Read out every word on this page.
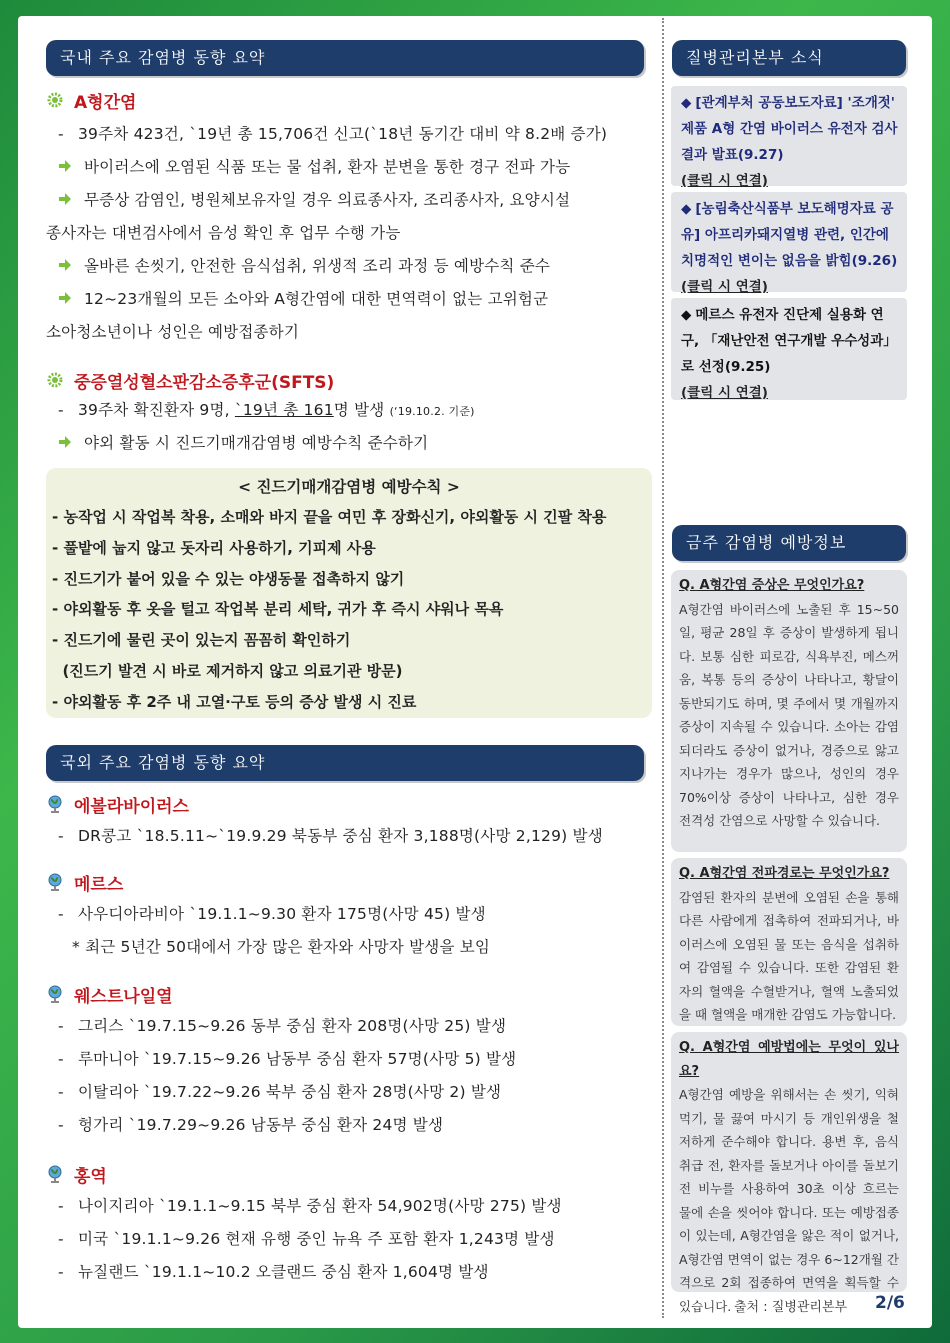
국내 주요 감염병 동향 요약
A형간염
- 39주차 423건, `19년 총 15,706건 신고(`18년 동기간 대비 약 8.2배 증가)
바이러스에 오염된 식품 또는 물 섭취, 환자 분변을 통한 경구 전파 가능
무증상 감염인, 병원체보유자일 경우 의료종사자, 조리종사자, 요양시설
종사자는 대변검사에서 음성 확인 후 업무 수행 가능
올바른 손씻기, 안전한 음식섭취, 위생적 조리 과정 등 예방수칙 준수
12~23개월의 모든 소아와 A형간염에 대한 면역력이 없는 고위험군
소아청소년이나 성인은 예방접종하기
중증열성혈소판감소증후군(SFTS)
- 39주차 확진환자 9명, `19년 총 161명 발생 (‘19.10.2. 기준)
야외 활동 시 진드기매개감염병 예방수칙 준수하기
< 진드기매개감염병 예방수칙 >
- 농작업 시 작업복 착용, 소매와 바지 끝을 여민 후 장화신기, 야외활동 시 긴팔 착용
- 풀밭에 눕지 않고 돗자리 사용하기, 기피제 사용
- 진드기가 붙어 있을 수 있는 야생동물 접촉하지 않기
- 야외활동 후 옷을 털고 작업복 분리 세탁, 귀가 후 즉시 샤워나 목욕
- 진드기에 물린 곳이 있는지 꼼꼼히 확인하기
(진드기 발견 시 바로 제거하지 않고 의료기관 방문)
- 야외활동 후 2주 내 고열·구토 등의 증상 발생 시 진료
국외 주요 감염병 동향 요약
에볼라바이러스
- DR콩고 `18.5.11~`19.9.29 북동부 중심 환자 3,188명(사망 2,129) 발생
메르스
- 사우디아라비아 `19.1.1~9.30 환자 175명(사망 45) 발생
* 최근 5년간 50대에서 가장 많은 환자와 사망자 발생을 보임
웨스트나일열
- 그리스 `19.7.15~9.26 동부 중심 환자 208명(사망 25) 발생
- 루마니아 `19.7.15~9.26 남동부 중심 환자 57명(사망 5) 발생
- 이탈리아 `19.7.22~9.26 북부 중심 환자 28명(사망 2) 발생
- 헝가리 `19.7.29~9.26 남동부 중심 환자 24명 발생
홍역
- 나이지리아 `19.1.1~9.15 북부 중심 환자 54,902명(사망 275) 발생
- 미국 `19.1.1~9.26 현재 유행 중인 뉴욕 주 포함 환자 1,243명 발생
- 뉴질랜드 `19.1.1~10.2 오클랜드 중심 환자 1,604명 발생
질병관리본부 소식
◆ [관계부처 공동보도자료] '조개젓' 제품 A형 간염 바이러스 유전자 검사 결과 발표(9.27)
(클릭 시 연결)
◆ [농림축산식품부 보도해명자료 공유] 아프리카돼지열병 관련, 인간에 치명적인 변이는 없음을 밝힘(9.26)
(클릭 시 연결)
◆ 메르스 유전자 진단제 실용화 연구, 「재난안전 연구개발 우수성과」로 선정(9.25)
(클릭 시 연결)
금주 감염병 예방정보
Q. A형간염 증상은 무엇인가요?
A형간염 바이러스에 노출된 후 15~50일, 평균 28일 후 증상이 발생하게 됩니다. 보통 심한 피로감, 식욕부진, 메스꺼움, 복통 등의 증상이 나타나고, 황달이 동반되기도 하며, 몇 주에서 몇 개월까지 증상이 지속될 수 있습니다. 소아는 감염되더라도 증상이 없거나, 경증으로 앓고 지나가는 경우가 많으나, 성인의 경우 70%이상 증상이 나타나고, 심한 경우 전격성 간염으로 사망할 수 있습니다.
Q. A형간염 전파경로는 무엇인가요?
감염된 환자의 분변에 오염된 손을 통해 다른 사람에게 접촉하여 전파되거나, 바이러스에 오염된 물 또는 음식을 섭취하여 감염될 수 있습니다. 또한 감염된 환자의 혈액을 수혈받거나, 혈액 노출되었을 때 혈액을 매개한 감염도 가능합니다.
Q. A형간염 예방법에는 무엇이 있나요?
A형간염 예방을 위해서는 손 씻기, 익혀먹기, 물 끓여 마시기 등 개인위생을 철저하게 준수해야 합니다. 용변 후, 음식 취급 전, 환자를 돌보거나 아이를 돌보기 전 비누를 사용하여 30초 이상 흐르는 물에 손을 씻어야 합니다. 또는 예방접종이 있는데, A형간염을 앓은 적이 없거나, A형간염 면역이 없는 경우 6~12개월 간격으로 2회 접종하여 면역을 획득할 수 있습니다. 출처 : 질병관리본부 2/6
